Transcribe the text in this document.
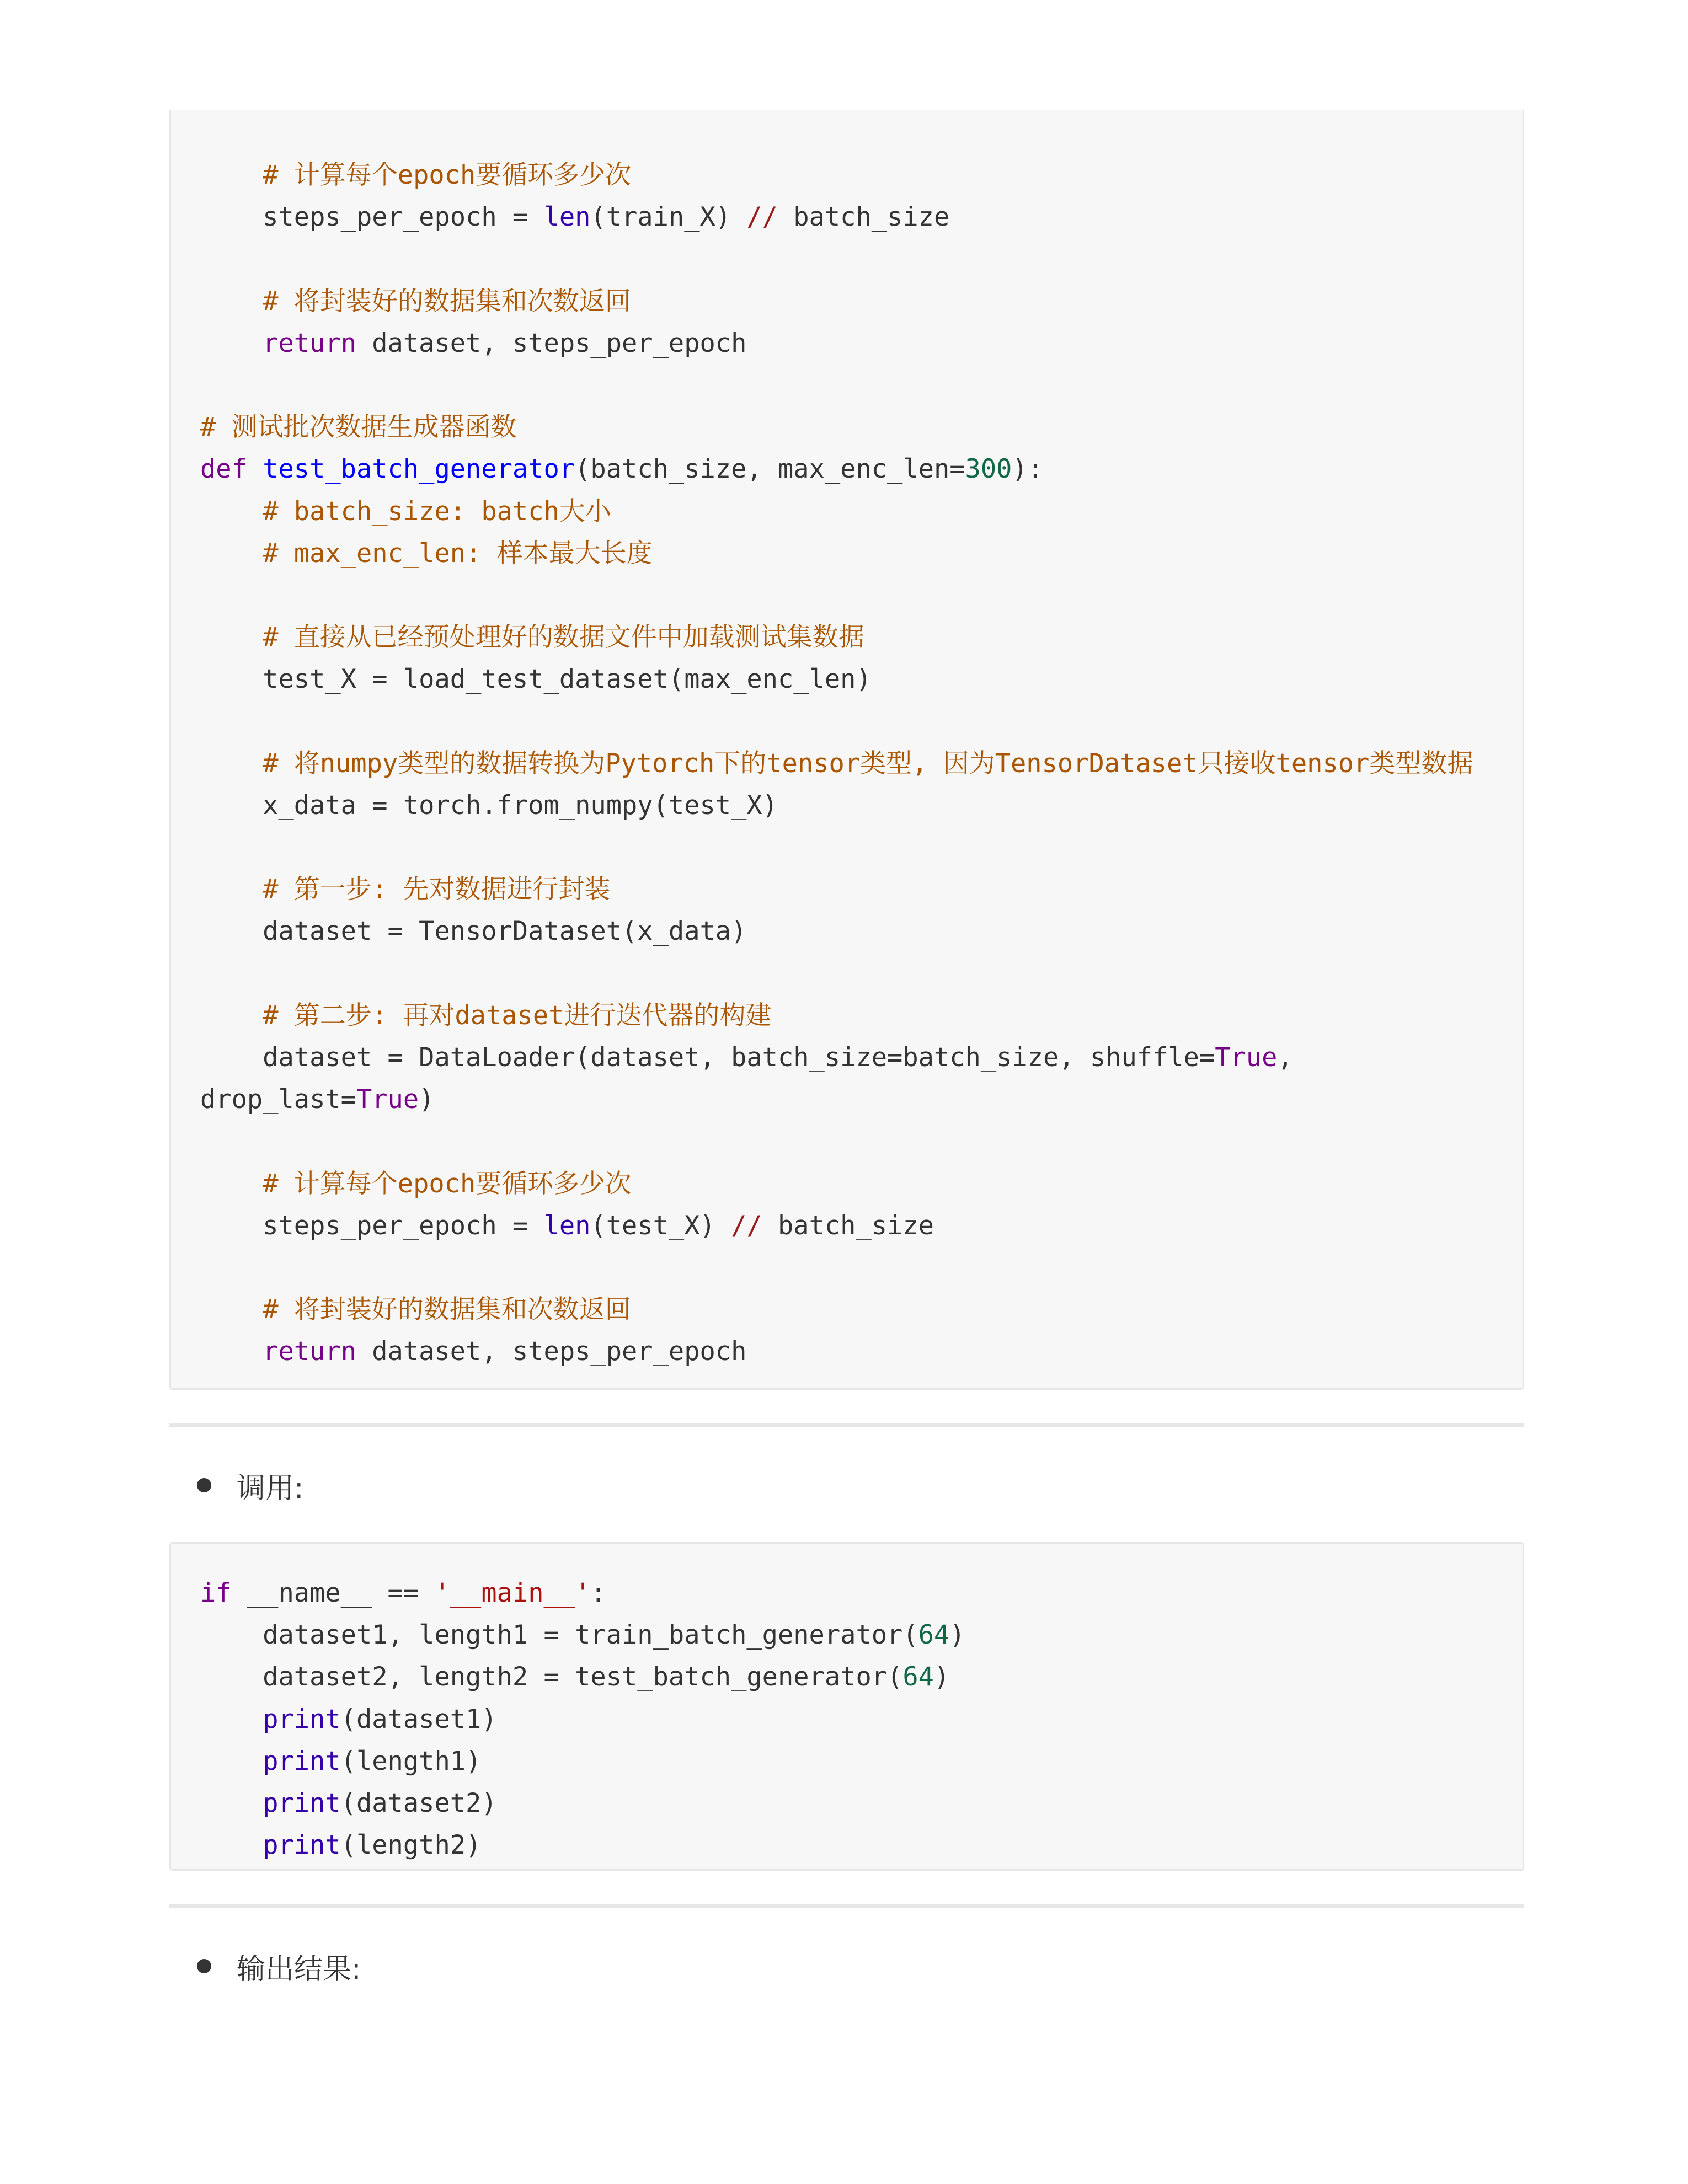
# 计算每个epoch要循环多少次
steps_per_epoch = len(train_X) // batch_size

# 将封装好的数据集和次数返回
return dataset, steps_per_epoch

# 测试批次数据生成器函数
def test_batch_generator(batch_size, max_enc_len=300):
# batch_size: batch大小
# max_enc_len: 样本最大长度

# 直接从已经预处理好的数据文件中加载测试集数据
test_X = load_test_dataset(max_enc_len)

# 将numpy类型的数据转换为Pytorch下的tensor类型, 因为TensorDataset只接收tensor类型数据
x_data = torch.from_numpy(test_X)

# 第一步: 先对数据进行封装
dataset = TensorDataset(x_data)

# 第二步: 再对dataset进行迭代器的构建
dataset = DataLoader(dataset, batch_size=batch_size, shuffle=True,
drop_last=True)

# 计算每个epoch要循环多少次
steps_per_epoch = len(test_X) // batch_size

# 将封装好的数据集和次数返回
return dataset, steps_per_epoch
调用:
if __name__ == '__main__':
dataset1, length1 = train_batch_generator(64)
dataset2, length2 = test_batch_generator(64)
print(dataset1)
print(length1)
print(dataset2)
print(length2)
输出结果:
